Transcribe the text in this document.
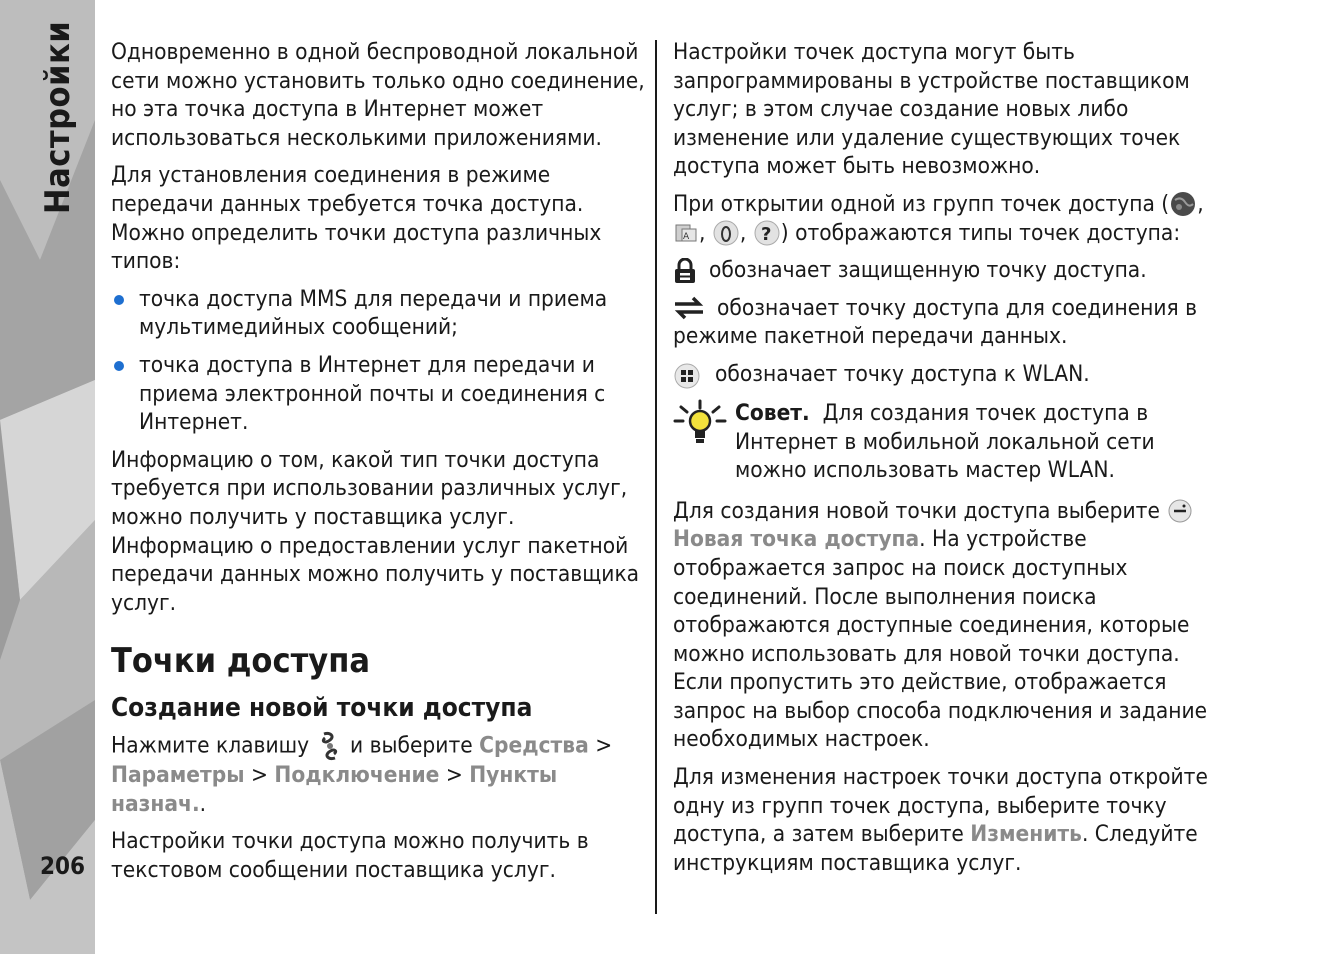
Настройки
206

Одновременно в одной беспроводной локальной сети можно установить только одно соединение, но эта точка доступа в Интернет может использоваться несколькими приложениями.

Для установления соединения в режиме передачи данных требуется точка доступа. Можно определить точки доступа различных типов:

точка доступа MMS для передачи и приема мультимедийных сообщений;
точка доступа в Интернет для передачи и приема электронной почты и соединения с Интернет.

Информацию о том, какой тип точки доступа требуется при использовании различных услуг, можно получить у поставщика услуг. Информацию о предоставлении услуг пакетной передачи данных можно получить у поставщика услуг.

Точки доступа
Создание новой точки доступа

Нажмите клавишу и выберите Средства > Параметры > Подключение > Пункты назнач..

Настройки точки доступа можно получить в текстовом сообщении поставщика услуг.

Настройки точек доступа могут быть запрограммированы в устройстве поставщиком услуг; в этом случае создание новых либо изменение или удаление существующих точек доступа может быть невозможно.

При открытии одной из групп точек доступа ( ,
A , , ? ) отображаются типы точек доступа:

обозначает защищенную точку доступа.
обозначает точку доступа для соединения в режиме пакетной передачи данных.
обозначает точку доступа к WLAN.
Совет. Для создания точек доступа в Интернет в мобильной локальной сети можно использовать мастер WLAN.

Для создания новой точки доступа выберите  Новая точка доступа. На устройстве отображается запрос на поиск доступных соединений. После выполнения поиска отображаются доступные соединения, которые можно использовать для новой точки доступа. Если пропустить это действие, отображается запрос на выбор способа подключения и задание необходимых настроек.

Для изменения настроек точки доступа откройте одну из групп точек доступа, выберите точку доступа, а затем выберите Изменить. Следуйте инструкциям поставщика услуг.
